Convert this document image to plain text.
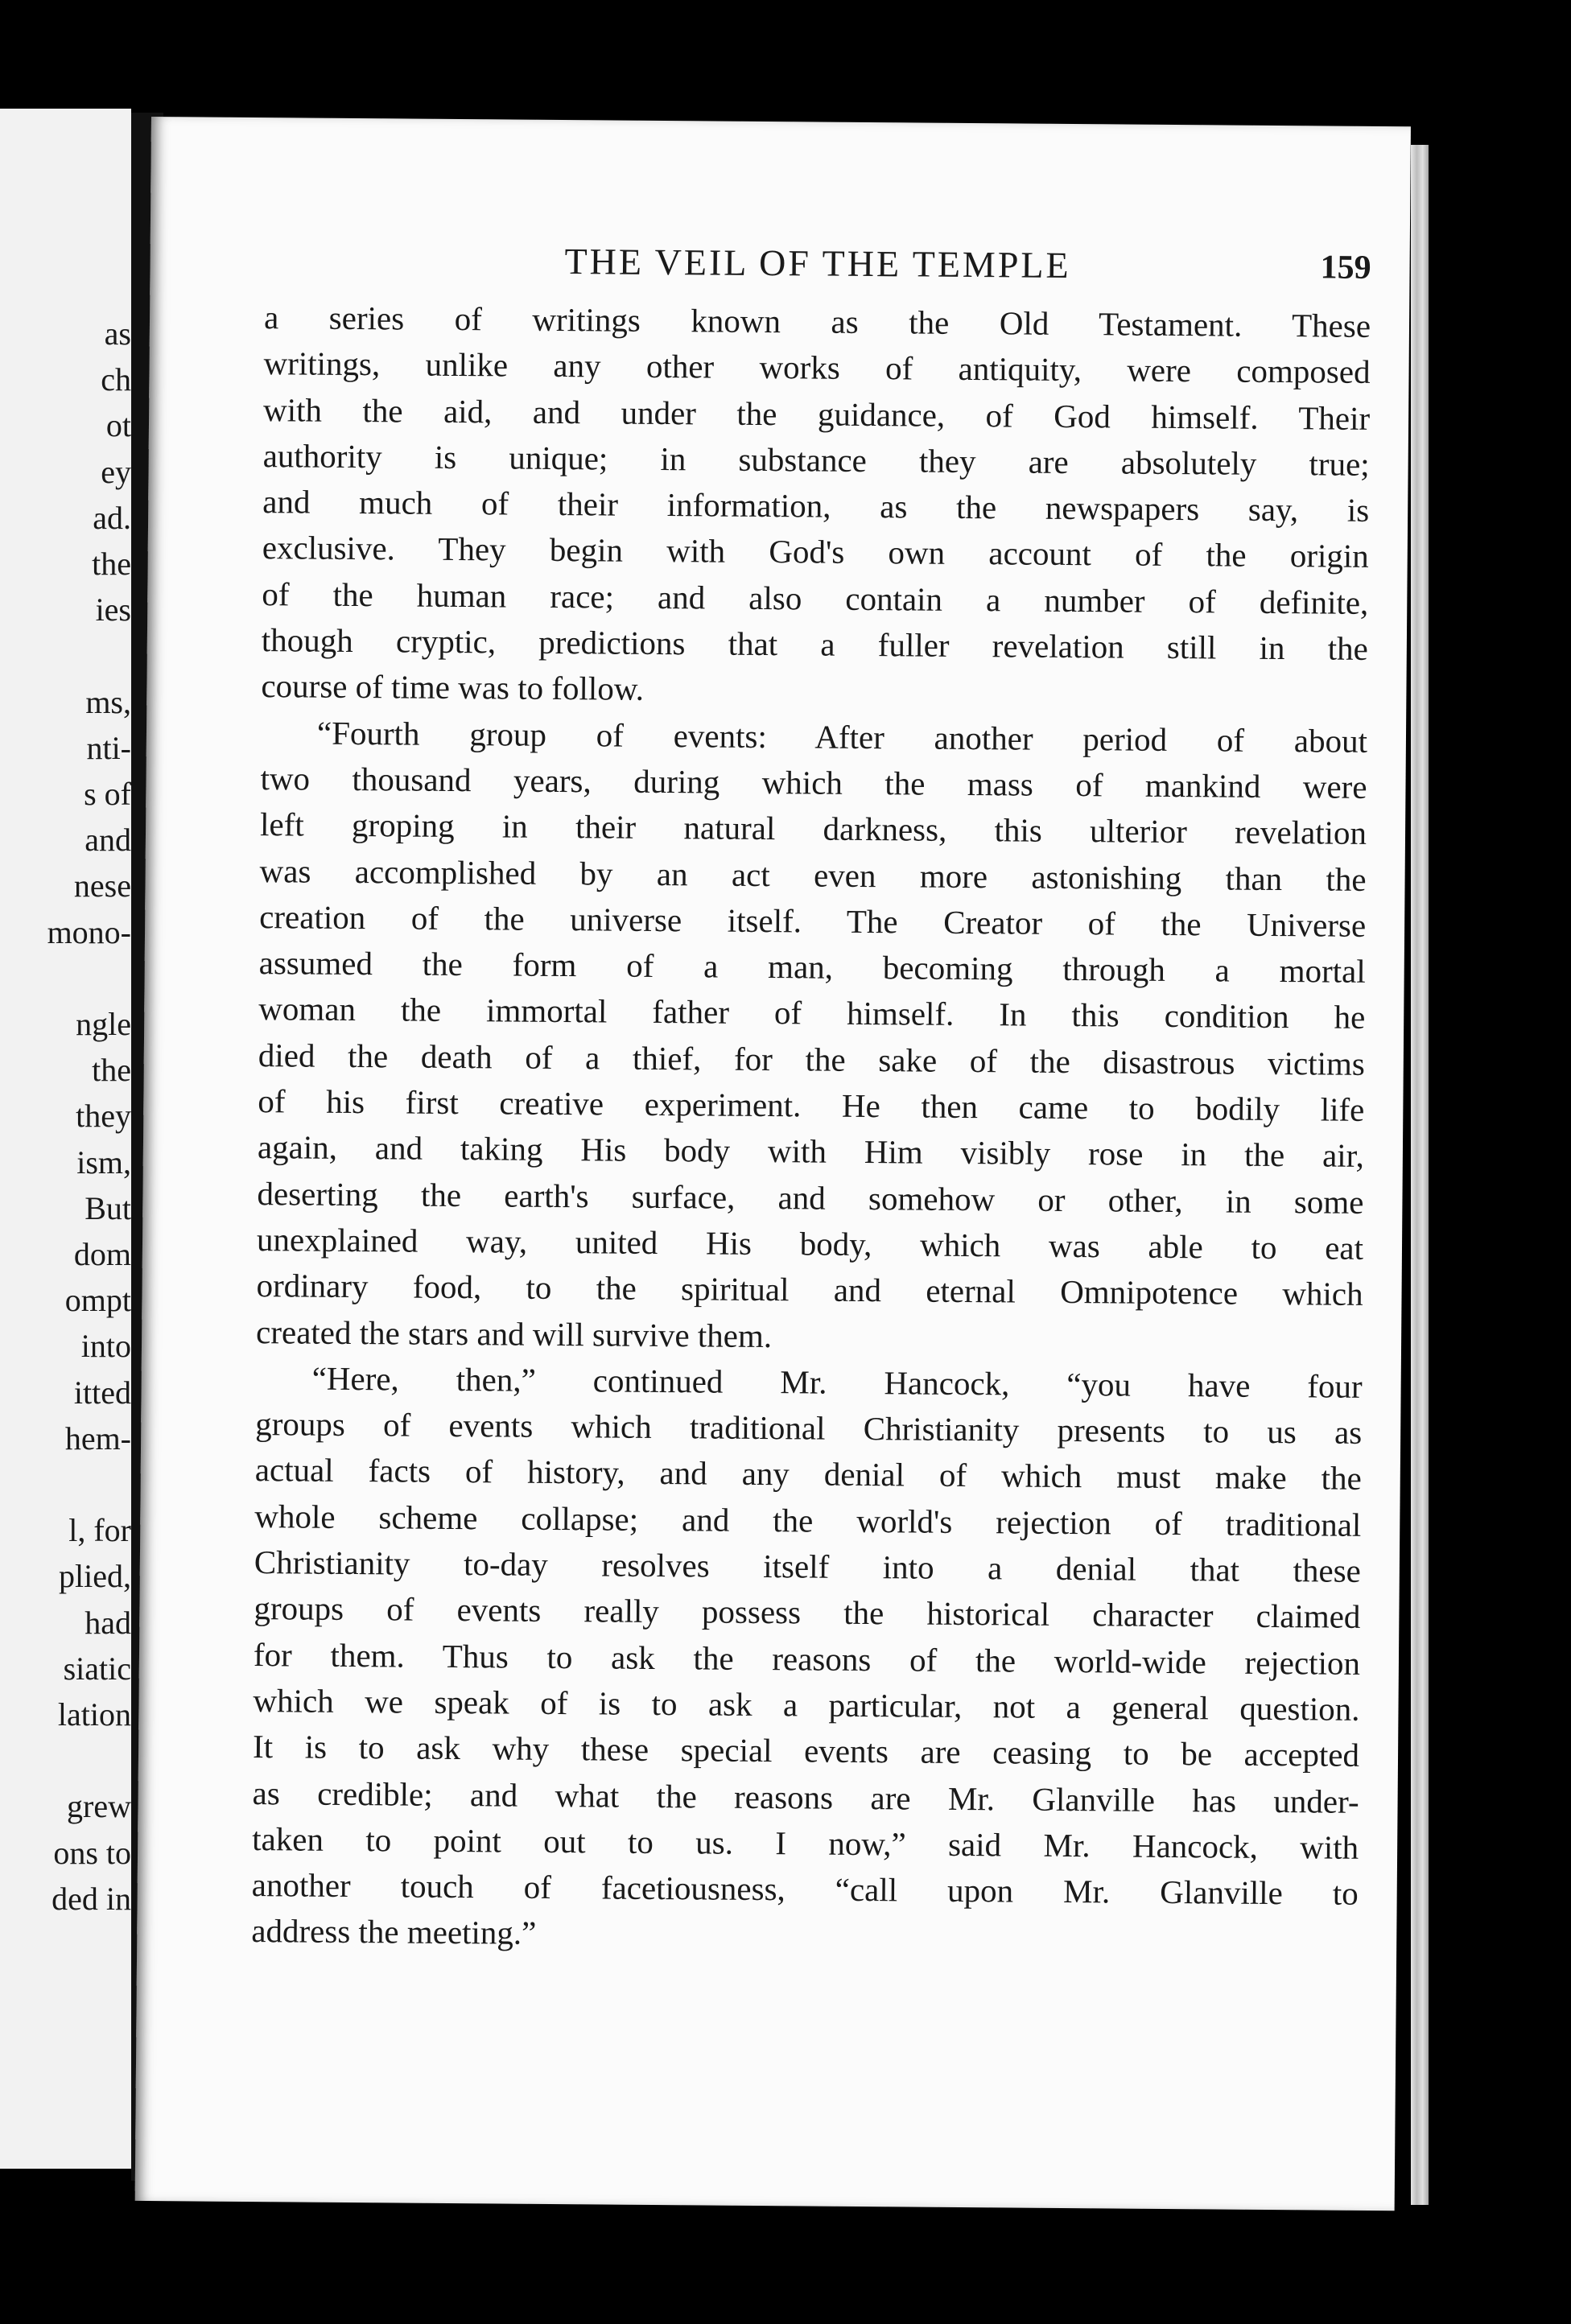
as
ch
ot
ey
ad.
the
ies
ms,
nti-
s of
and
nese
mono-
ngle
the
they
ism,
But
dom
ompt
into
itted
hem-
l, for
plied,
had
siatic
lation
grew
ons to
ded in
THE VEIL OF THE TEMPLE	159
a series of writings known as the Old Testament. These
writings, unlike any other works of antiquity, were composed
with the aid, and under the guidance, of God himself. Their
authority is unique; in substance they are absolutely true;
and much of their information, as the newspapers say, is
exclusive. They begin with God's own account of the origin
of the human race; and also contain a number of definite,
though cryptic, predictions that a fuller revelation still in the
course of time was to follow.
“Fourth group of events: After another period of about
two thousand years, during which the mass of mankind were
left groping in their natural darkness, this ulterior revelation
was accomplished by an act even more astonishing than the
creation of the universe itself. The Creator of the Universe
assumed the form of a man, becoming through a mortal
woman the immortal father of himself. In this condition he
died the death of a thief, for the sake of the disastrous victims
of his first creative experiment. He then came to bodily life
again, and taking His body with Him visibly rose in the air,
deserting the earth's surface, and somehow or other, in some
unexplained way, united His body, which was able to eat
ordinary food, to the spiritual and eternal Omnipotence which
created the stars and will survive them.
“Here, then,” continued Mr. Hancock, “you have four
groups of events which traditional Christianity presents to us as
actual facts of history, and any denial of which must make the
whole scheme collapse; and the world's rejection of traditional
Christianity to-day resolves itself into a denial that these
groups of events really possess the historical character claimed
for them. Thus to ask the reasons of the world-wide rejection
which we speak of is to ask a particular, not a general question.
It is to ask why these special events are ceasing to be accepted
as credible; and what the reasons are Mr. Glanville has under-
taken to point out to us. I now,” said Mr. Hancock, with
another touch of facetiousness, “call upon Mr. Glanville to
address the meeting.”
